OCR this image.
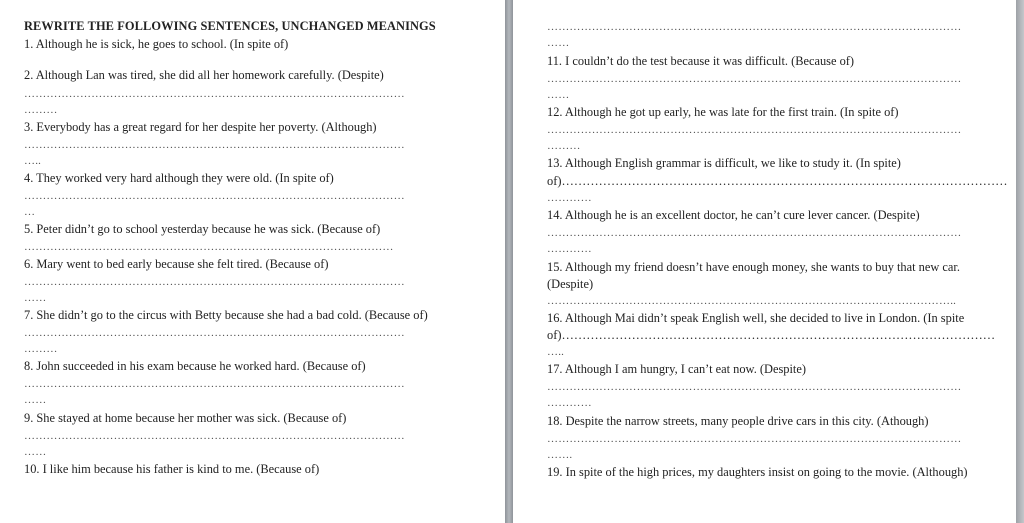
REWRITE THE FOLLOWING SENTENCES, UNCHANGED MEANINGS
1. Although he is sick, he goes to school. (In spite of)
2. Although Lan was tired, she did all her homework carefully. (Despite)
…………………………………………………………………………………………
………
3. Everybody has a great regard for her despite her poverty. (Although)
…………………………………………………………………………………………
…..
4. They worked very hard although they were old. (In spite of)
…………………………………………………………………………………………
…
5. Peter didn’t go to school yesterday because he was sick. (Because of)
………………………………………………………………………………………
6. Mary went to bed early because she felt tired. (Because of)
…………………………………………………………………………………………
……
7. She didn’t go to the circus with Betty because she had a bad cold. (Because of)
…………………………………………………………………………………………
………
8. John succeeded in his exam because he worked hard. (Because of)
…………………………………………………………………………………………
……
9. She stayed at home because her mother was sick. (Because of)
…………………………………………………………………………………………
……
10. I like him because his father is kind to me. (Because of)
…………………………………………………………………………………………………
……
11. I couldn’t do the test because it was difficult. (Because of)
…………………………………………………………………………………………………
……
12. Although he got up early, he was late for the first train. (In spite of)
…………………………………………………………………………………………………
………
13. Although English grammar is difficult, we like to study it. (In spite)
of)………………………………………………………………………………………………
…………
14. Although he is an excellent doctor, he can’t cure lever cancer. (Despite)
…………………………………………………………………………………………………
…………
15. Although my friend doesn’t have enough money, she wants to buy that new car.
(Despite)
………………………………………………………………………………………………..
16. Although Mai didn’t speak English well, she decided to live in London. (In spite
of)……………………………………………………………………………………………
…..
17. Although I am hungry, I can’t eat now. (Despite)
…………………………………………………………………………………………………
…………
18. Despite the narrow streets, many people drive cars in this city. (Athough)
…………………………………………………………………………………………………
…….
19. In spite of the high prices, my daughters insist on going to the movie. (Although)
